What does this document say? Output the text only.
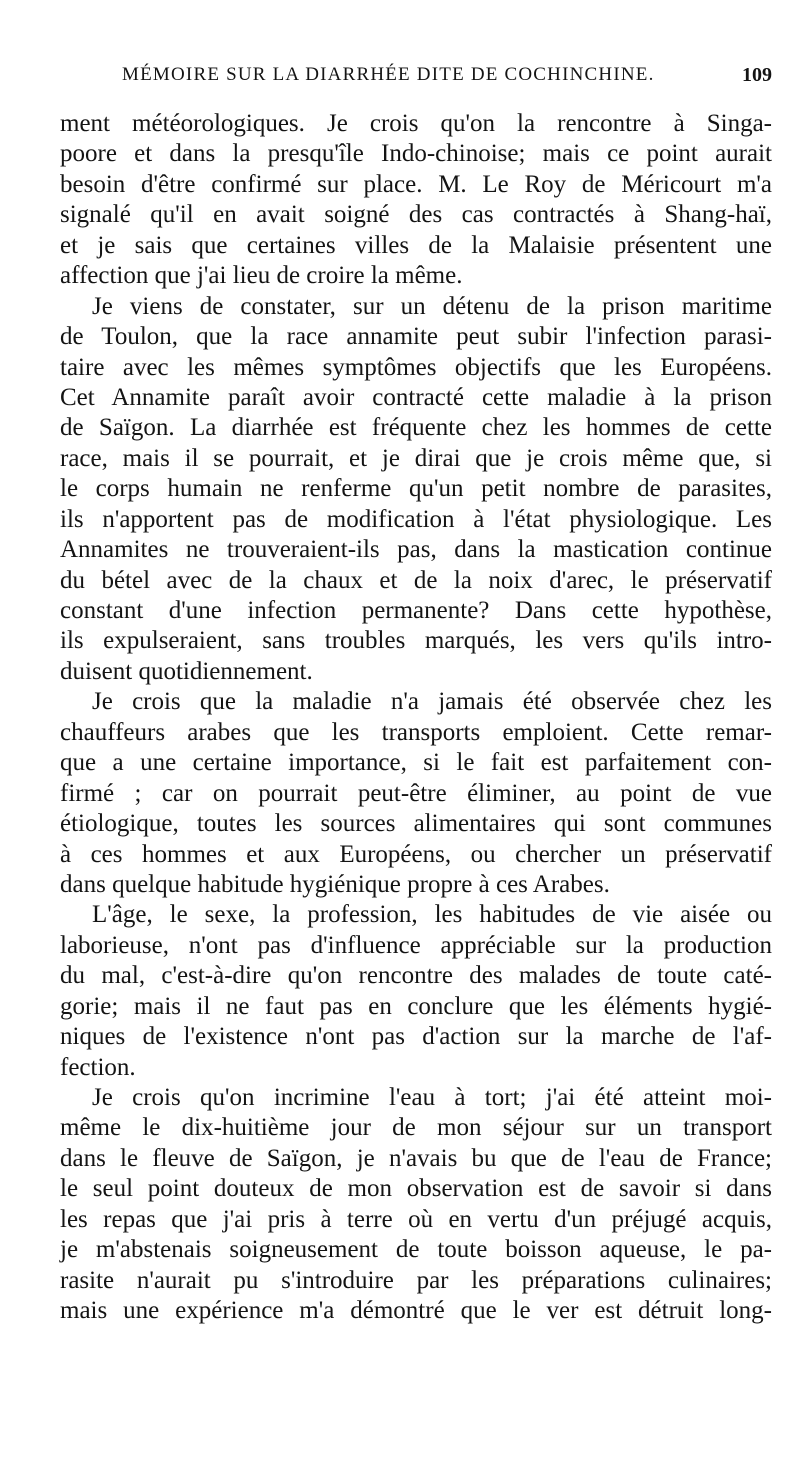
MÉMOIRE SUR LA DIARRHÉE DITE DE COCHINCHINE.	109
ment météorologiques. Je crois qu'on la rencontre à Singa-
poore et dans la presqu'île Indo-chinoise; mais ce point aurait
besoin d'être confirmé sur place. M. Le Roy de Méricourt m'a
signalé qu'il en avait soigné des cas contractés à Shang-haï,
et je sais que certaines villes de la Malaisie présentent une
affection que j'ai lieu de croire la même.
Je viens de constater, sur un détenu de la prison maritime
de Toulon, que la race annamite peut subir l'infection parasi-
taire avec les mêmes symptômes objectifs que les Européens.
Cet Annamite paraît avoir contracté cette maladie à la prison
de Saïgon. La diarrhée est fréquente chez les hommes de cette
race, mais il se pourrait, et je dirai que je crois même que, si
le corps humain ne renferme qu'un petit nombre de parasites,
ils n'apportent pas de modification à l'état physiologique. Les
Annamites ne trouveraient-ils pas, dans la mastication continue
du bétel avec de la chaux et de la noix d'arec, le préservatif
constant d'une infection permanente? Dans cette hypothèse,
ils expulseraient, sans troubles marqués, les vers qu'ils intro-
duisent quotidiennement.
Je crois que la maladie n'a jamais été observée chez les
chauffeurs arabes que les transports emploient. Cette remar-
que a une certaine importance, si le fait est parfaitement con-
firmé ; car on pourrait peut-être éliminer, au point de vue
étiologique, toutes les sources alimentaires qui sont communes
à ces hommes et aux Européens, ou chercher un préservatif
dans quelque habitude hygiénique propre à ces Arabes.
L'âge, le sexe, la profession, les habitudes de vie aisée ou
laborieuse, n'ont pas d'influence appréciable sur la production
du mal, c'est-à-dire qu'on rencontre des malades de toute caté-
gorie; mais il ne faut pas en conclure que les éléments hygié-
niques de l'existence n'ont pas d'action sur la marche de l'af-
fection.
Je crois qu'on incrimine l'eau à tort; j'ai été atteint moi-
même le dix-huitième jour de mon séjour sur un transport
dans le fleuve de Saïgon, je n'avais bu que de l'eau de France;
le seul point douteux de mon observation est de savoir si dans
les repas que j'ai pris à terre où en vertu d'un préjugé acquis,
je m'abstenais soigneusement de toute boisson aqueuse, le pa-
rasite n'aurait pu s'introduire par les préparations culinaires;
mais une expérience m'a démontré que le ver est détruit long-
